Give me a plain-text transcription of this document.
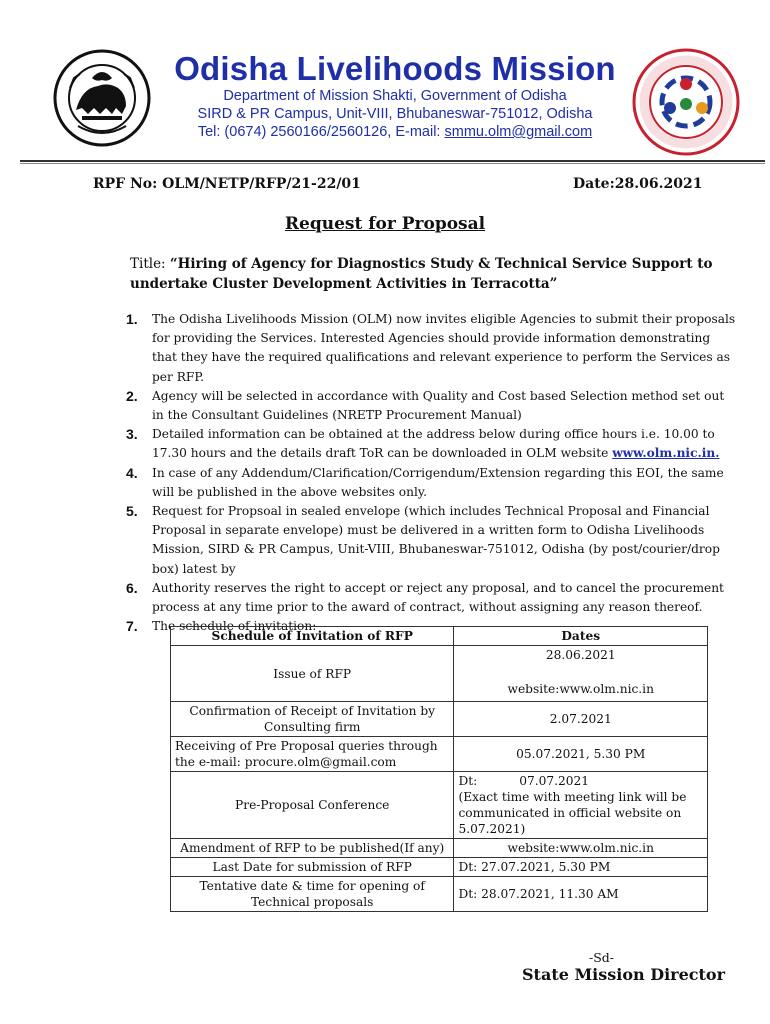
Odisha Livelihoods Mission
Department of Mission Shakti, Government of Odisha
SIRD & PR Campus, Unit-VIII, Bhubaneswar-751012, Odisha
Tel: (0674) 2560166/2560126, E-mail: smmu.olm@gmail.com
RPF No: OLM/NETP/RFP/21-22/01	Date:28.06.2021
Request for Proposal
Title: “Hiring of Agency for Diagnostics Study & Technical Service Support to undertake Cluster Development Activities in Terracotta”
1. The Odisha Livelihoods Mission (OLM) now invites eligible Agencies to submit their proposals for providing the Services. Interested Agencies should provide information demonstrating that they have the required qualifications and relevant experience to perform the Services as per RFP.
2. Agency will be selected in accordance with Quality and Cost based Selection method set out in the Consultant Guidelines (NRETP Procurement Manual)
3. Detailed information can be obtained at the address below during office hours i.e. 10.00 to 17.30 hours and the details draft ToR can be downloaded in OLM website www.olm.nic.in.
4. In case of any Addendum/Clarification/Corrigendum/Extension regarding this EOI, the same will be published in the above websites only.
5. Request for Propsoal in sealed envelope (which includes Technical Proposal and Financial Proposal in separate envelope) must be delivered in a written form to Odisha Livelihoods Mission, SIRD & PR Campus, Unit-VIII, Bhubaneswar-751012, Odisha (by post/courier/drop box) latest by
6. Authority reserves the right to accept or reject any proposal, and to cancel the procurement process at any time prior to the award of contract, without assigning any reason thereof.
7. The schedule of invitation:
Schedule of Invitation of RFP	Dates
Issue of RFP	28.06.2021
website:www.olm.nic.in

Confirmation of Receipt of Invitation by Consulting firm	2.07.2021
Receiving of Pre Proposal queries through the e-mail: procure.olm@gmail.com	05.07.2021, 5.30 PM
Pre-Proposal Conference	Dt: 07.07.2021
(Exact time with meeting link will be communicated in official website on 5.07.2021)

Amendment of RFP to be published(If any)	website:www.olm.nic.in
Last Date for submission of RFP	Dt: 27.07.2021, 5.30 PM
Tentative date & time for opening of Technical proposals	Dt: 28.07.2021, 11.30 AM
-Sd-
State Mission Director
